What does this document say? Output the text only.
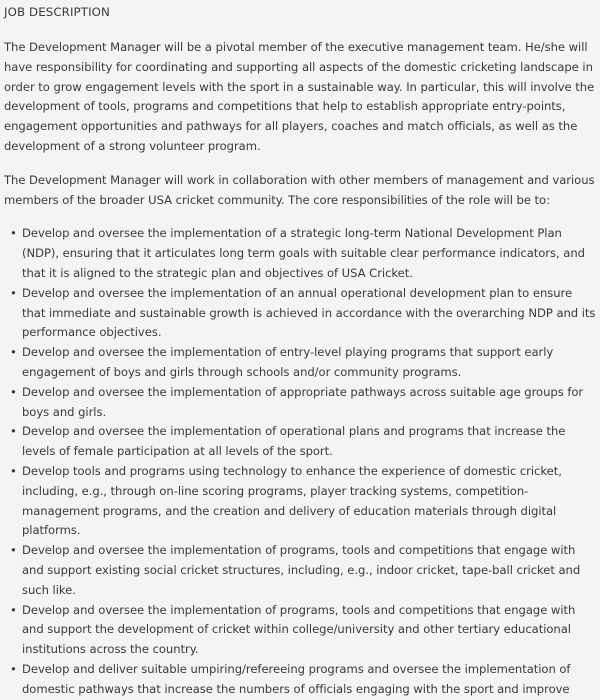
JOB DESCRIPTION

The Development Manager will be a pivotal member of the executive management team. He/she will have responsibility for coordinating and supporting all aspects of the domestic cricketing landscape in order to grow engagement levels with the sport in a sustainable way. In particular, this will involve the development of tools, programs and competitions that help to establish appropriate entry-points, engagement opportunities and pathways for all players, coaches and match officials, as well as the development of a strong volunteer program.

The Development Manager will work in collaboration with other members of management and various members of the broader USA cricket community. The core responsibilities of the role will be to:

• Develop and oversee the implementation of a strategic long-term National Development Plan (NDP), ensuring that it articulates long term goals with suitable clear performance indicators, and that it is aligned to the strategic plan and objectives of USA Cricket.
• Develop and oversee the implementation of an annual operational development plan to ensure that immediate and sustainable growth is achieved in accordance with the overarching NDP and its performance objectives.
• Develop and oversee the implementation of entry-level playing programs that support early engagement of boys and girls through schools and/or community programs.
• Develop and oversee the implementation of appropriate pathways across suitable age groups for boys and girls.
• Develop and oversee the implementation of operational plans and programs that increase the levels of female participation at all levels of the sport.
• Develop tools and programs using technology to enhance the experience of domestic cricket, including, e.g., through on-line scoring programs, player tracking systems, competition-management programs, and the creation and delivery of education materials through digital platforms.
• Develop and oversee the implementation of programs, tools and competitions that engage with and support existing social cricket structures, including, e.g., indoor cricket, tape-ball cricket and such like.
• Develop and oversee the implementation of programs, tools and competitions that engage with and support the development of cricket within college/university and other tertiary educational institutions across the country.
• Develop and deliver suitable umpiring/refereeing programs and oversee the implementation of domestic pathways that increase the numbers of officials engaging with the sport and improve
